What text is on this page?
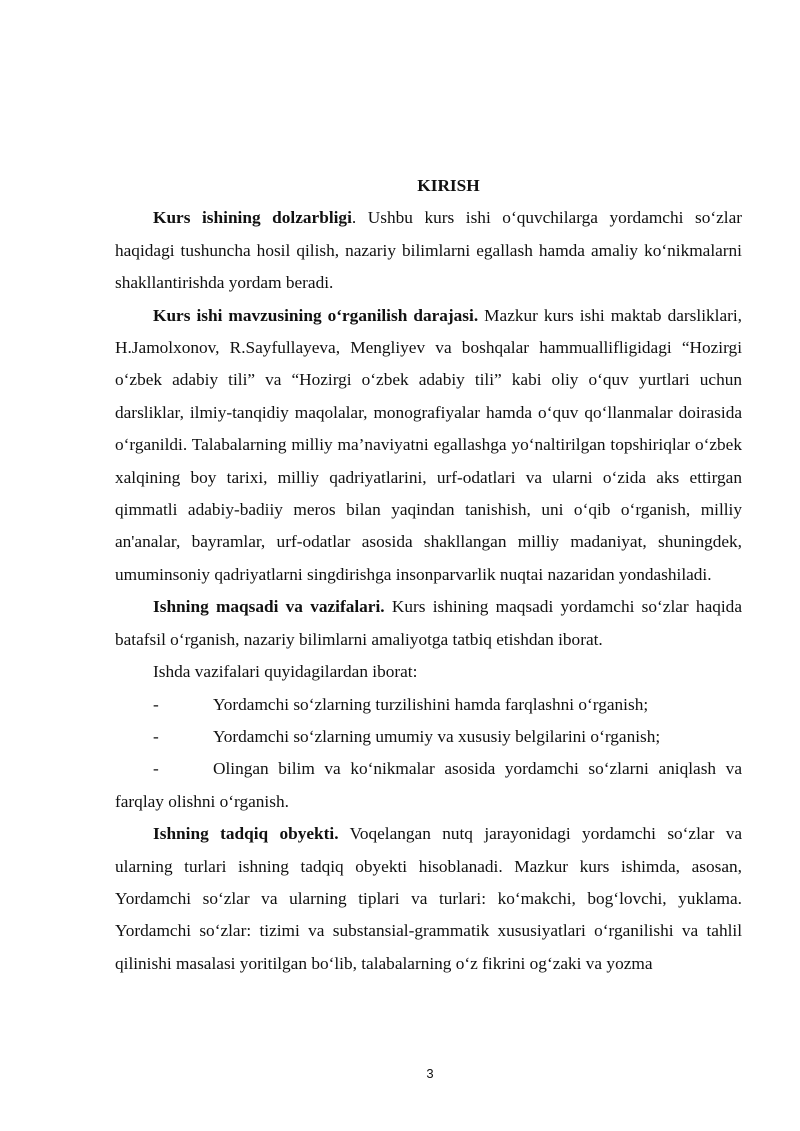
KIRISH

Kurs ishining dolzarbligi. Ushbu kurs ishi o‘quvchilarga yordamchi so‘zlar haqidagi tushuncha hosil qilish, nazariy bilimlarni egallash hamda amaliy ko‘nikmalarni shakllantirishda yordam beradi.

Kurs ishi mavzusining o‘rganilish darajasi. Mazkur kurs ishi maktab darsliklari, H.Jamolxonov, R.Sayfullayeva, Mengliyev va boshqalar hammuallifligidagi “Hozirgi o‘zbek adabiy tili” va “Hozirgi o‘zbek adabiy tili” kabi oliy o‘quv yurtlari uchun darsliklar, ilmiy-tanqidiy maqolalar, monografiyalar hamda o‘quv qo‘llanmalar doirasida o‘rganildi. Talabalarning milliy ma’naviyatni egallashga yo‘naltirilgan topshiriqlar o‘zbek xalqining boy tarixi, milliy qadriyatlarini, urf-odatlari va ularni o‘zida aks ettirgan qimmatli adabiy-badiiy meros bilan yaqindan tanishish, uni o‘qib o‘rganish, milliy an'analar, bayramlar, urf-odatlar asosida shakllangan milliy madaniyat, shuningdek, umuminsoniy qadriyatlarni singdirishga insonparvarlik nuqtai nazaridan yondashiladi.

Ishning maqsadi va vazifalari. Kurs ishining maqsadi yordamchi so‘zlar haqida batafsil o‘rganish, nazariy bilimlarni amaliyotga tatbiq etishdan iborat.

Ishda vazifalari quyidagilardan iborat:

-	Yordamchi so‘zlarning turzilishini hamda farqlashni o‘rganish;

-	Yordamchi so‘zlarning umumiy va xususiy belgilarini o‘rganish;

-	Olingan bilim va ko‘nikmalar asosida yordamchi so‘zlarni aniqlash va farqlay olishni o‘rganish.

Ishning tadqiq obyekti. Voqelangan nutq jarayonidagi yordamchi so‘zlar va ularning turlari ishning tadqiq obyekti hisoblanadi. Mazkur kurs ishimda, asosan, Yordamchi so‘zlar va ularning tiplari va turlari: ko‘makchi, bog‘lovchi, yuklama. Yordamchi so‘zlar: tizimi va substansial-grammatik xususiyatlari o‘rganilishi va tahlil qilinishi masalasi yoritilgan bo‘lib, talabalarning o‘z fikrini og‘zaki va yozma

3
